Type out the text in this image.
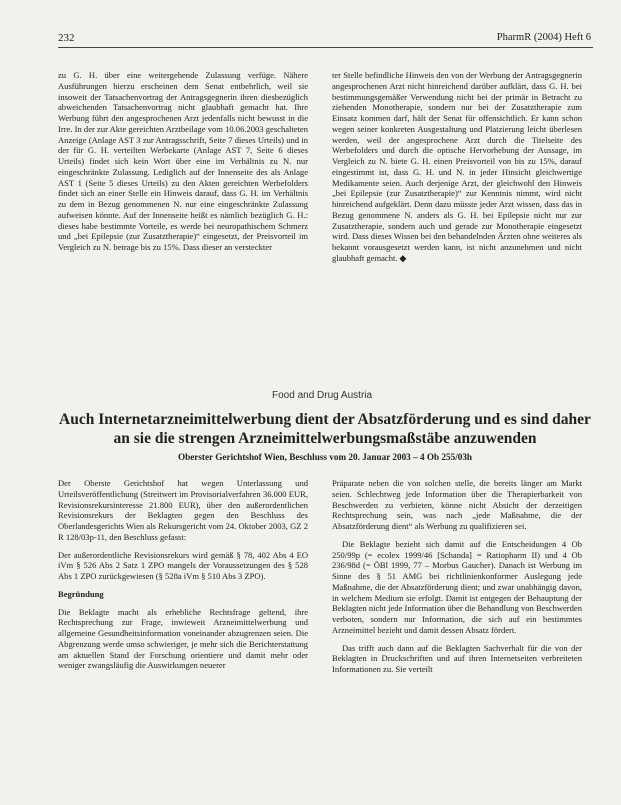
232	PharmR (2004) Heft 6

zu G. H. über eine weitergehende Zulassung verfüge. Nähere Ausführungen hierzu erscheinen dem Senat entbehrlich, weil sie insoweit der Tatsachenvortrag der Antragsgegnerin ihren diesbezüglich abweichenden Tatsachenvortrag nicht glaubhaft gemacht hat. Ihre Werbung führt den angesprochenen Arzt jedenfalls nicht bewusst in die Irre. In der zur Akte gereichten Arztbeilage vom 10.06.2003 geschalteten Anzeige (Anlage AST 3 zur Antragsschrift, Seite 7 dieses Urteils) und in der für G. H. verteilten Werbekarte (Anlage AST 7, Seite 6 dieses Urteils) findet sich kein Wort über eine im Verhältnis zu N. nur eingeschränkte Zulassung. Lediglich auf der Innenseite des als Anlage AST 1 (Seite 5 dieses Urteils) zu den Akten gereichten Werbefolders findet sich an einer Stelle ein Hinweis darauf, dass G. H. im Verhältnis zu dem in Bezug genommenen N. nur eine eingeschränkte Zulassung aufweisen könnte. Auf der Innenseite heißt es nämlich bezüglich G. H.: dieses habe bestimmte Vorteile, es werde bei neuropathischem Schmerz und „bei Epilepsie (zur Zusatztherapie)“ eingesetzt, der Preisvorteil im Vergleich zu N. betrage bis zu 15%. Dass dieser an versteckter

ter Stelle befindliche Hinweis den von der Werbung der Antragsgegnerin angesprochenen Arzt nicht hinreichend darüber aufklärt, dass G. H. bei bestimmungsgemäßer Verwendung nicht bei der primär in Betracht zu ziehenden Monotherapie, sondern nur bei der Zusatztherapie zum Einsatz kommen darf, hält der Senat für offensichtlich. Er kann schon wegen seiner konkreten Ausgestaltung und Platzierung leicht überlesen werden, weil der angesprochene Arzt durch die Titelseite des Werbefolders und durch die optische Hervorhebung der Aussage, im Vergleich zu N. biete G. H. einen Preisvorteil von bis zu 15%, darauf eingestimmt ist, dass G. H. und N. in jeder Hinsicht gleichwertige Medikamente seien. Auch derjenige Arzt, der gleichwohl den Hinweis „bei Epilepsie (zur Zusatztherapie)“ zur Kenntnis nimmt, wird nicht hinreichend aufgeklärt. Denn dazu müsste jeder Arzt wissen, dass das in Bezug genommene N. anders als G. H. bei Epilepsie nicht nur zur Zusatztherapie, sondern auch und gerade zur Monotherapie eingesetzt wird. Dass dieses Wissen bei den behandelnden Ärzten ohne weiteres als bekannt vorausgesetzt werden kann, ist nicht anzunehmen und nicht glaubhaft gemacht. ◆

Food and Drug Austria
Auch Internetarzneimittelwerbung dient der Absatzförderung und es sind daher an sie die strengen Arzneimittelwerbungsmaßstäbe anzuwenden
Oberster Gerichtshof Wien, Beschluss vom 20. Januar 2003 – 4 Ob 255/03h

Der Oberste Gerichtshof hat wegen Unterlassung und Urteilsveröffentlichung (Streitwert im Provisorialverfahren 36.000 EUR, Revisionsrekursinteresse 21.800 EUR), über den außerordentlichen Revisionsrekurs der Beklagten gegen den Beschluss des Oberlandesgerichts Wien als Rekursgericht vom 24. Oktober 2003, GZ 2 R 128/03p-11, den Beschluss gefasst:

Der außerordentliche Revisionsrekurs wird gemäß § 78, 402 Abs 4 EO iVm § 526 Abs 2 Satz 1 ZPO mangels der Voraussetzungen des § 528 Abs 1 ZPO zurückgewiesen (§ 528a iVm § 510 Abs 3 ZPO).

Begründung

Die Beklagte macht als erhebliche Rechtsfrage geltend, ihre Rechtsprechung zur Frage, inwieweit Arzneimittelwerbung und allgemeine Gesundheitsinformation voneinander abzugrenzen seien. Die Abgrenzung werde umso schwieriger, je mehr sich die Berichterstattung am aktuellen Stand der Forschung orientiere und damit mehr oder weniger zwangsläufig die Auswirkungen neuerer

Präparate neben die von solchen stelle, die bereits länger am Markt seien. Schlechtweg jede Information über die Therapierbarkeit von Beschwerden zu verbieten, könne nicht Absicht der derzeitigen Rechtsprechung sein, was nach „jede Maßnahme, die der Absatzförderung dient“ als Werbung zu qualifizieren sei.

Die Beklagte bezieht sich damit auf die Entscheidungen 4 Ob 250/99p (= ecolex 1999/46 [Schanda] = Ratiopharm II) und 4 Ob 236/98d (= ÖBl 1999, 77 – Morbus Gaucher). Danach ist Werbung im Sinne des § 51 AMG bei richtlinienkonformer Auslegung jede Maßnahme, die der Absatzförderung dient; und zwar unabhängig davon, in welchem Medium sie erfolgt. Damit ist entgegen der Behauptung der Beklagten nicht jede Information über die Behandlung von Beschwerden verboten, sondern nur Information, die sich auf ein bestimmtes Arzneimittel bezieht und damit dessen Absatz fördert.

Das trifft auch dann auf die Beklagten Sachverhalt für die von der Beklagten in Druckschriften und auf ihren Internetseiten verbreiteten Informationen zu. Sie verteilt
